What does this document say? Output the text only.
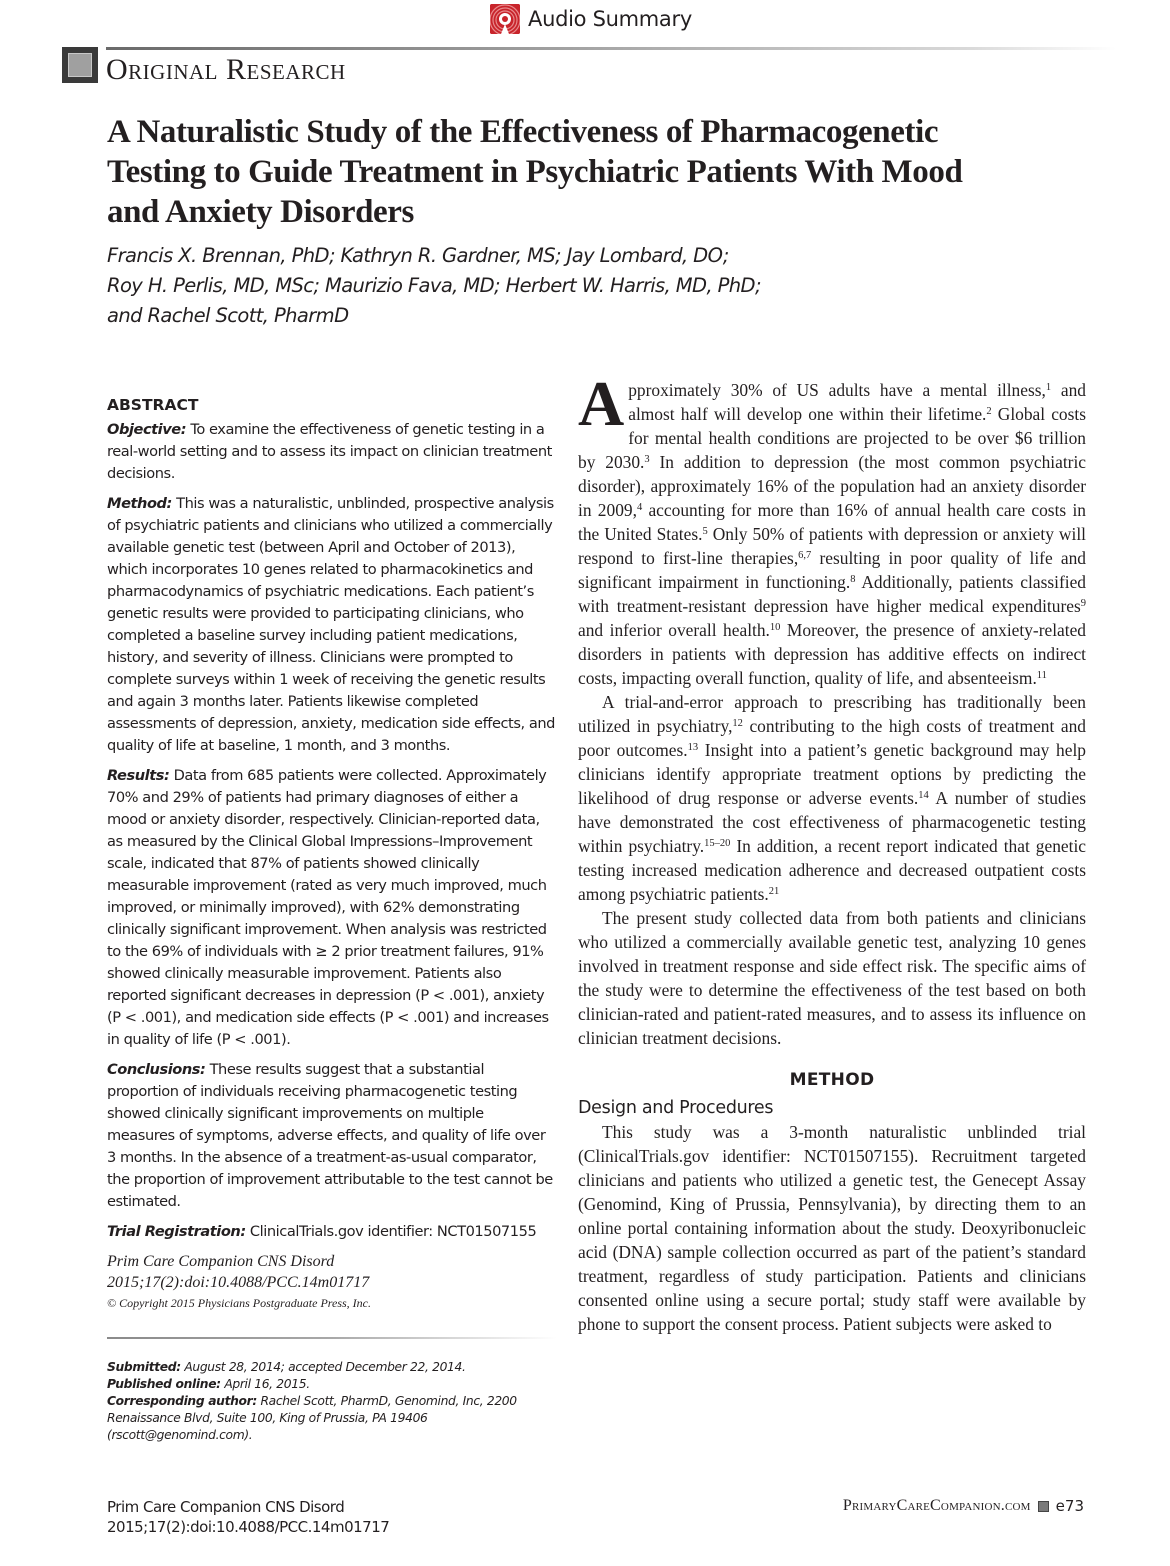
Audio Summary
Original Research
A Naturalistic Study of the Effectiveness of Pharmacogenetic Testing to Guide Treatment in Psychiatric Patients With Mood and Anxiety Disorders
Francis X. Brennan, PhD; Kathryn R. Gardner, MS; Jay Lombard, DO;
Roy H. Perlis, MD, MSc; Maurizio Fava, MD; Herbert W. Harris, MD, PhD;
and Rachel Scott, PharmD
ABSTRACT

Objective: To examine the effectiveness of genetic testing in a real-world setting and to assess its impact on clinician treatment decisions.

Method: This was a naturalistic, unblinded, prospective analysis of psychiatric patients and clinicians who utilized a commercially available genetic test (between April and October of 2013), which incorporates 10 genes related to pharmacokinetics and pharmacodynamics of psychiatric medications. Each patient’s genetic results were provided to participating clinicians, who completed a baseline survey including patient medications, history, and severity of illness. Clinicians were prompted to complete surveys within 1 week of receiving the genetic results and again 3 months later. Patients likewise completed assessments of depression, anxiety, medication side effects, and quality of life at baseline, 1 month, and 3 months.

Results: Data from 685 patients were collected. Approximately 70% and 29% of patients had primary diagnoses of either a mood or anxiety disorder, respectively. Clinician-reported data, as measured by the Clinical Global Impressions–Improvement scale, indicated that 87% of patients showed clinically measurable improvement (rated as very much improved, much improved, or minimally improved), with 62% demonstrating clinically significant improvement. When analysis was restricted to the 69% of individuals with ≥ 2 prior treatment failures, 91% showed clinically measurable improvement. Patients also reported significant decreases in depression (P < .001), anxiety (P < .001), and medication side effects (P < .001) and increases in quality of life (P < .001).

Conclusions: These results suggest that a substantial proportion of individuals receiving pharmacogenetic testing showed clinically significant improvements on multiple measures of symptoms, adverse effects, and quality of life over 3 months. In the absence of a treatment-as-usual comparator, the proportion of improvement attributable to the test cannot be estimated.

Trial Registration: ClinicalTrials.gov identifier: NCT01507155

Prim Care Companion CNS Disord
2015;17(2):doi:10.4088/PCC.14m01717
© Copyright 2015 Physicians Postgraduate Press, Inc.
Submitted: August 28, 2014; accepted December 22, 2014.
Published online: April 16, 2015.
Corresponding author: Rachel Scott, PharmD, Genomind, Inc, 2200 Renaissance Blvd, Suite 100, King of Prussia, PA 19406 (rscott@genomind.com).

Approximately 30% of US adults have a mental illness,$^1$ and almost half will develop one within their lifetime.$^2$ Global costs for mental health conditions are projected to be over $6 trillion by 2030.$^3$ In addition to depression (the most common psychiatric disorder), approximately 16% of the population had an anxiety disorder in 2009,$^4$ accounting for more than 16% of annual health care costs in the United States.$^5$ Only 50% of patients with depression or anxiety will respond to first-line therapies,$^{6,7}$ resulting in poor quality of life and significant impairment in functioning.$^8$ Additionally, patients classified with treatment-resistant depression have higher medical expenditures$^9$ and inferior overall health.$^{10}$ Moreover, the presence of anxiety-related disorders in patients with depression has additive effects on indirect costs, impacting overall function, quality of life, and absenteeism.$^{11}$

A trial-and-error approach to prescribing has traditionally been utilized in psychiatry,$^{12}$ contributing to the high costs of treatment and poor outcomes.$^{13}$ Insight into a patient’s genetic background may help clinicians identify appropriate treatment options by predicting the likelihood of drug response or adverse events.$^{14}$ A number of studies have demonstrated the cost effectiveness of pharmacogenetic testing within psychiatry.$^{15-20}$ In addition, a recent report indicated that genetic testing increased medication adherence and decreased outpatient costs among psychiatric patients.$^{21}$

The present study collected data from both patients and clinicians who utilized a commercially available genetic test, analyzing 10 genes involved in treatment response and side effect risk. The specific aims of the study were to determine the effectiveness of the test based on both clinician-rated and patient-rated measures, and to assess its influence on clinician treatment decisions.

METHOD
Design and Procedures

This study was a 3-month naturalistic unblinded trial (ClinicalTrials.gov identifier: NCT01507155). Recruitment targeted clinicians and patients who utilized a genetic test, the Genecept Assay (Genomind, King of Prussia, Pennsylvania), by directing them to an online portal containing information about the study. Deoxyribonucleic acid (DNA) sample collection occurred as part of the patient’s standard treatment, regardless of study participation. Patients and clinicians consented online using a secure portal; study staff were available by phone to support the consent process. Patient subjects were asked to

Prim Care Companion CNS Disord
2015;17(2):doi:10.4088/PCC.14m01717
PrimaryCareCompanion.com e73
